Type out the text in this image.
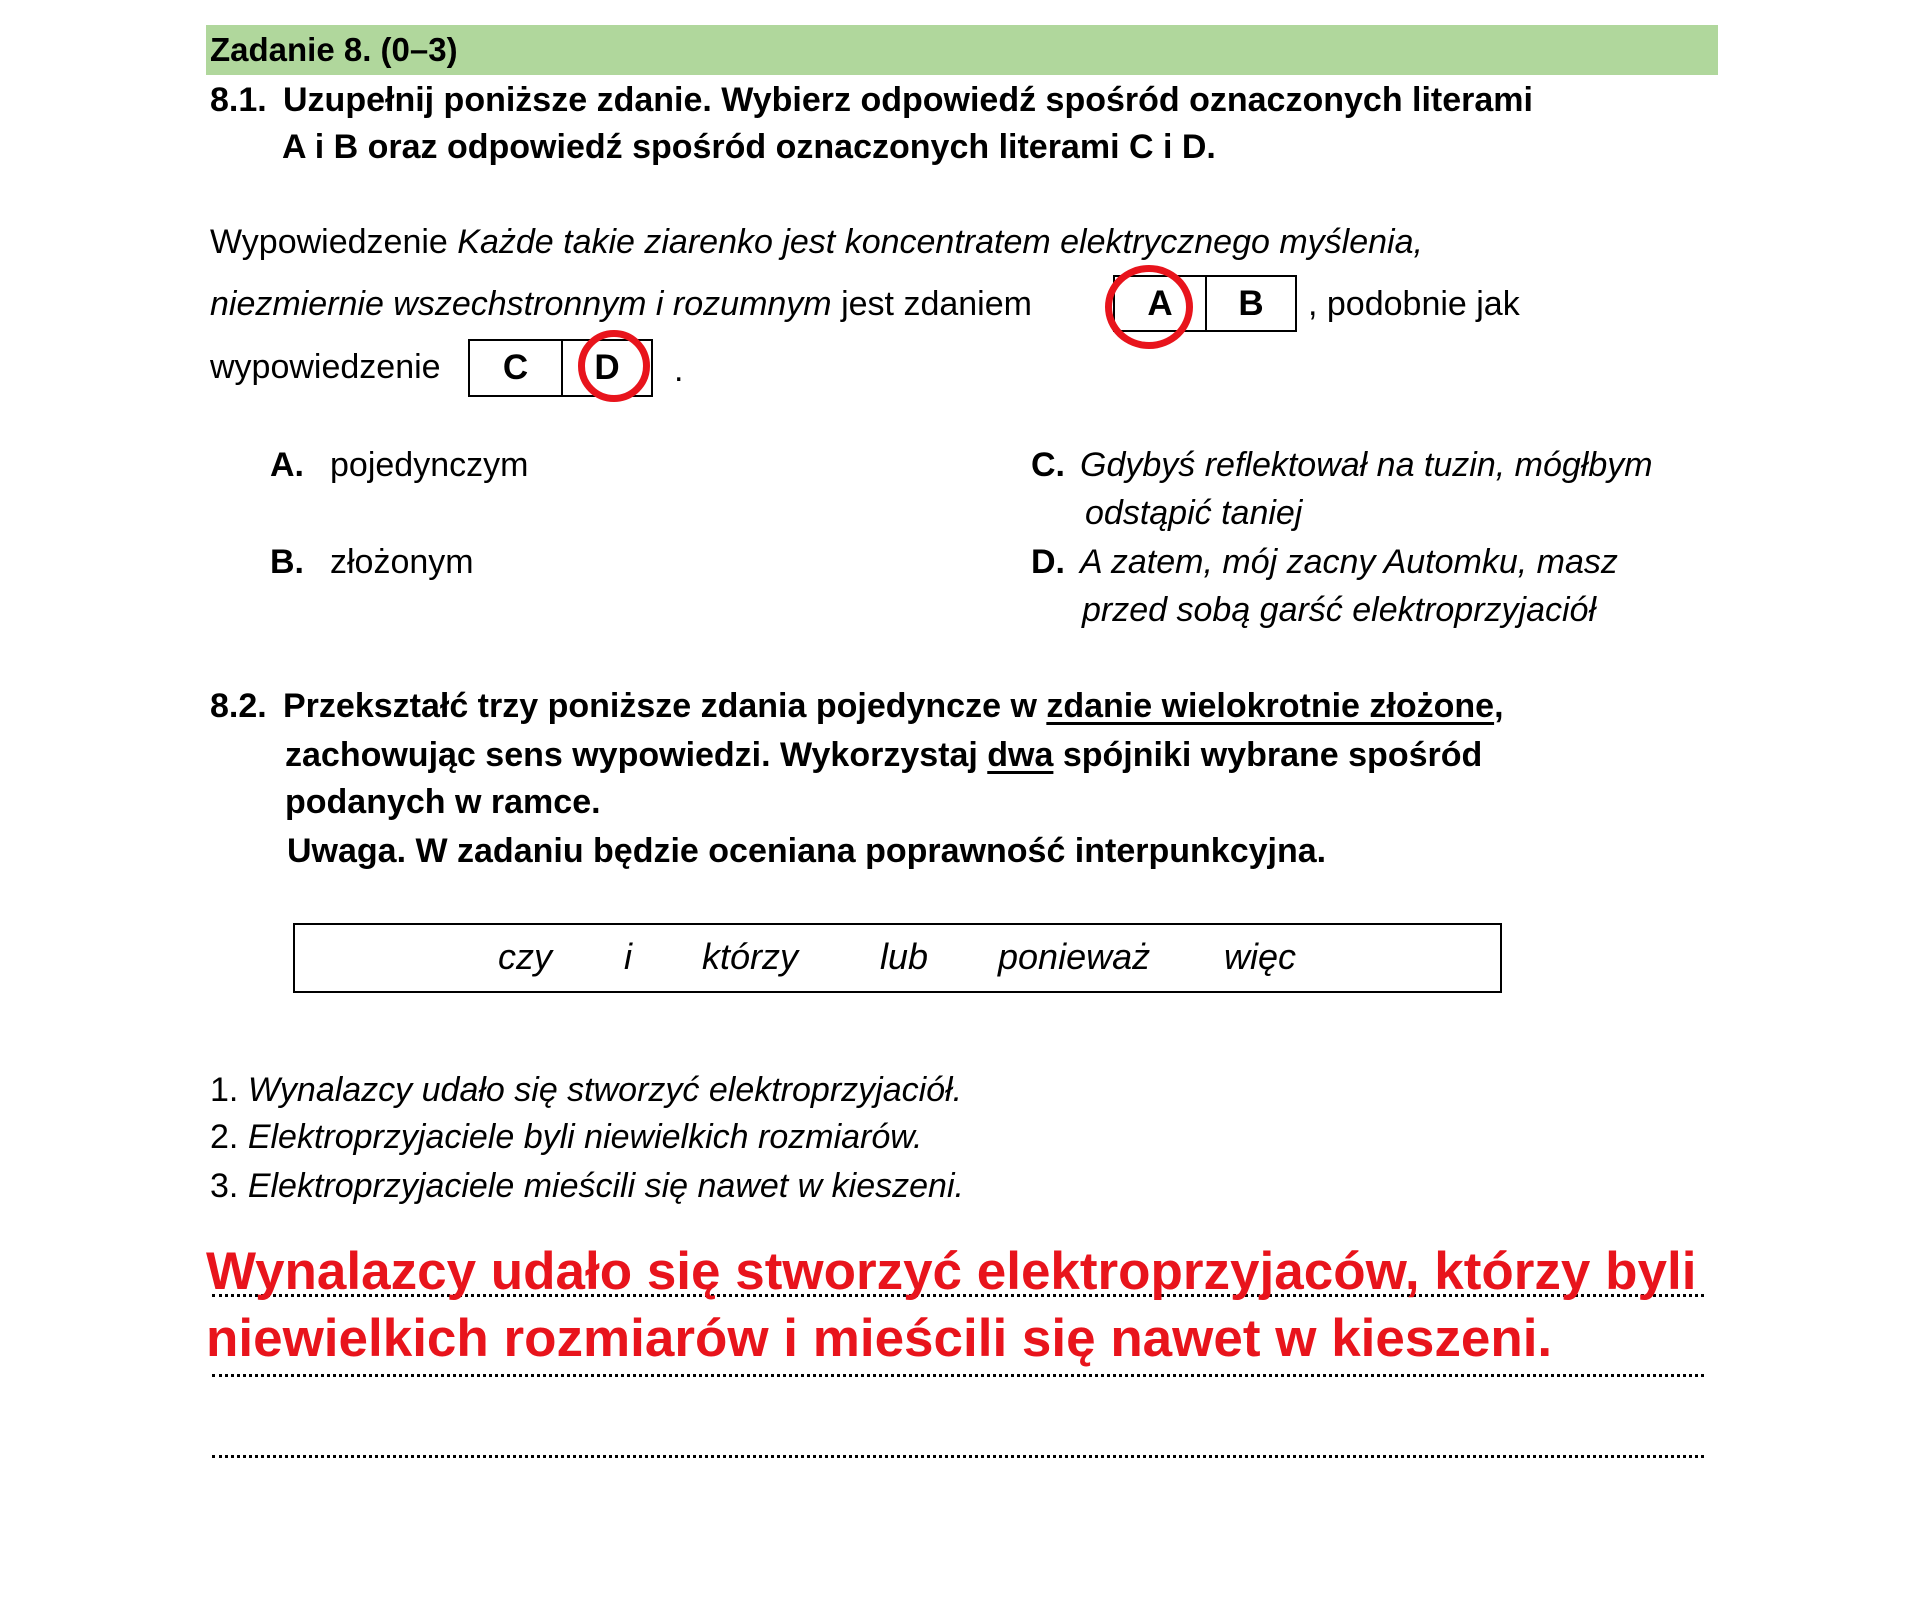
Zadanie 8. (0–3)
8.1. Uzupełnij poniższe zdanie. Wybierz odpowiedź spośród oznaczonych literami
A i B oraz odpowiedź spośród oznaczonych literami C i D.
Wypowiedzenie Każde takie ziarenko jest koncentratem elektrycznego myślenia,
niezmiernie wszechstronnym i rozumnym jest zdaniem	, podobnie jak
wypowiedzenie	.
A	B
C	D
A. pojedynczym
B. złożonym
C. Gdybyś reflektował na tuzin, mógłbym
odstąpić taniej
D. A zatem, mój zacny Automku, masz
przed sobą garść elektroprzyjaciół
8.2. Przekształć trzy poniższe zdania pojedyncze w zdanie wielokrotnie złożone,
zachowując sens wypowiedzi. Wykorzystaj dwa spójniki wybrane spośród
podanych w ramce.
Uwaga. W zadaniu będzie oceniana poprawność interpunkcyjna.
czy i którzy lub ponieważ więc
1. Wynalazcy udało się stworzyć elektroprzyjaciół.
2. Elektroprzyjaciele byli niewielkich rozmiarów.
3. Elektroprzyjaciele mieścili się nawet w kieszeni.
Wynalazcy udało się stworzyć elektroprzyjaców, którzy byli
niewielkich rozmiarów i mieścili się nawet w kieszeni.
